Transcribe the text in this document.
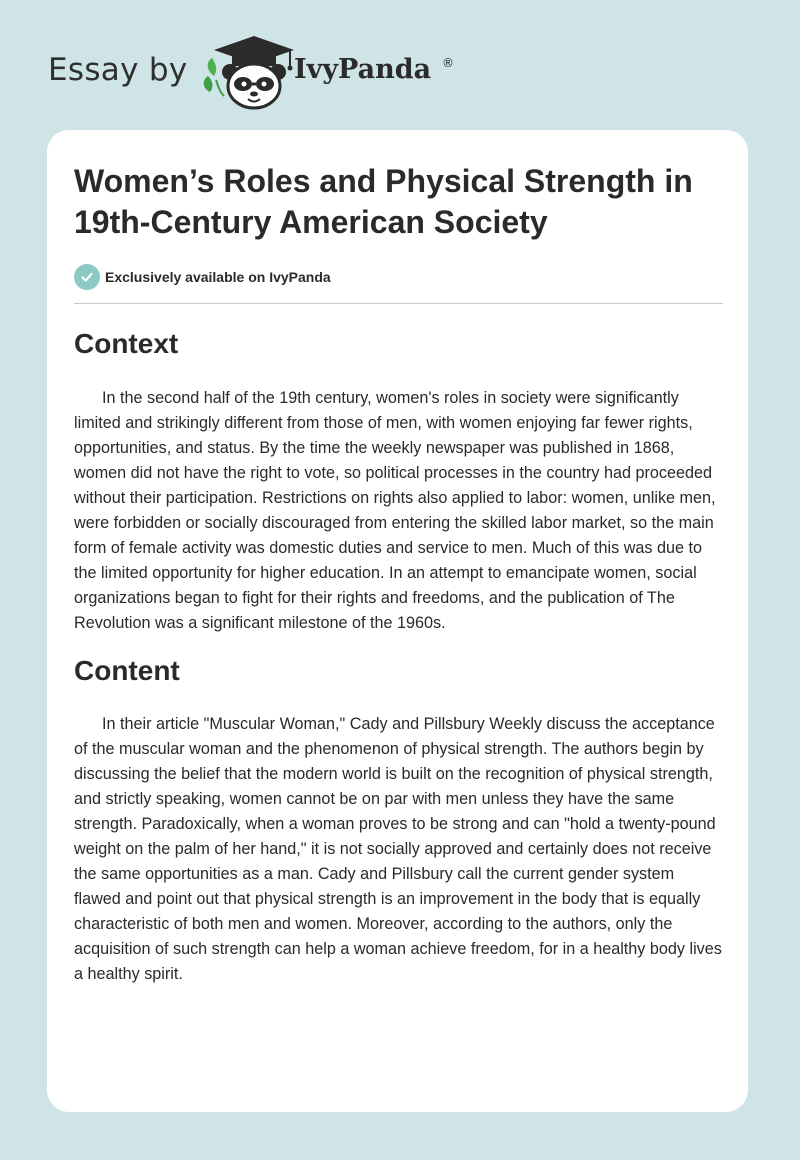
Essay by	IvyPanda ®
Women’s Roles and Physical Strength in 19th-Century American Society
Exclusively available on IvyPanda
Context

In the second half of the 19th century, women's roles in society were significantly limited and strikingly different from those of men, with women enjoying far fewer rights, opportunities, and status. By the time the weekly newspaper was published in 1868, women did not have the right to vote, so political processes in the country had proceeded without their participation. Restrictions on rights also applied to labor: women, unlike men, were forbidden or socially discouraged from entering the skilled labor market, so the main form of female activity was domestic duties and service to men. Much of this was due to the limited opportunity for higher education. In an attempt to emancipate women, social organizations began to fight for their rights and freedoms, and the publication of The Revolution was a significant milestone of the 1960s.

Content

In their article "Muscular Woman," Cady and Pillsbury Weekly discuss the acceptance of the muscular woman and the phenomenon of physical strength. The authors begin by discussing the belief that the modern world is built on the recognition of physical strength, and strictly speaking, women cannot be on par with men unless they have the same strength. Paradoxically, when a woman proves to be strong and can "hold a twenty-pound weight on the palm of her hand," it is not socially approved and certainly does not receive the same opportunities as a man. Cady and Pillsbury call the current gender system flawed and point out that physical strength is an improvement in the body that is equally characteristic of both men and women. Moreover, according to the authors, only the acquisition of such strength can help a woman achieve freedom, for in a healthy body lives a healthy spirit.
